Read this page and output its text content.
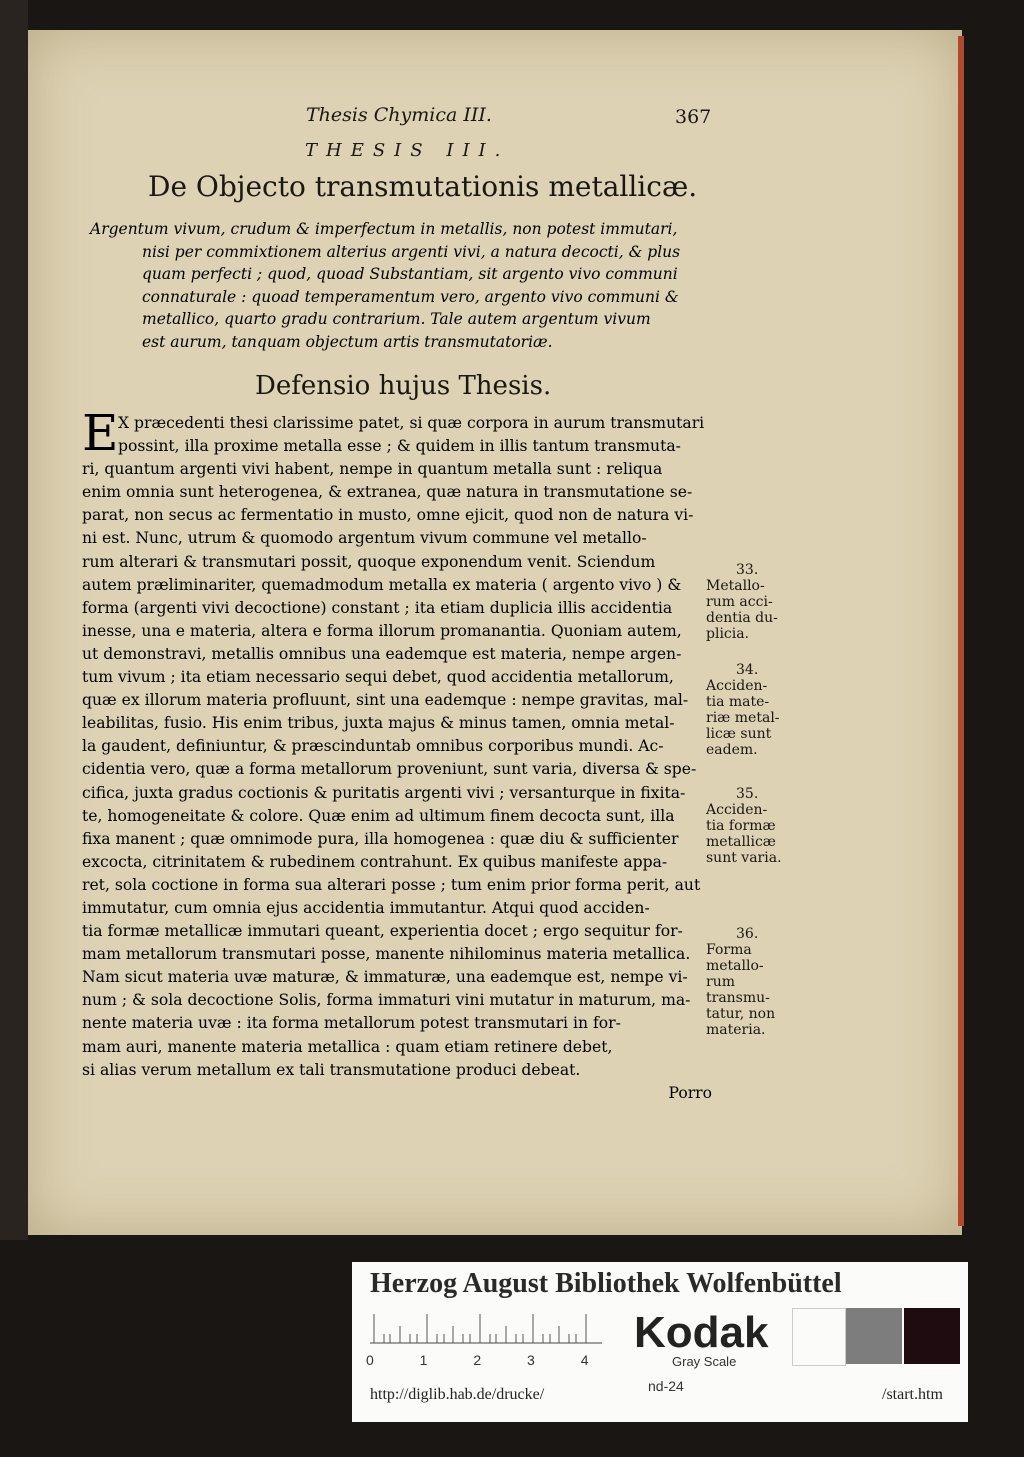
Thesis Chymica III.	367
THESIS III.
De Objecto transmutationis metallicæ.
Argentum vivum, crudum & imperfectum in metallis, non potest immutari,
nisi per commixtionem alterius argenti vivi, a natura decocti, & plus
quam perfecti ; quod, quoad Substantiam, sit argento vivo communi
connaturale : quoad temperamentum vero, argento vivo communi &
metallico, quarto gradu contrarium. Tale autem argentum vivum
est aurum, tanquam objectum artis transmutatoriæ.
Defensio hujus Thesis.
E X præcedenti thesi clarissime patet, si quæ corpora in aurum transmutari
possint, illa proxime metalla esse ; & quidem in illis tantum transmuta-
ri, quantum argenti vivi habent, nempe in quantum metalla sunt : reliqua
enim omnia sunt heterogenea, & extranea, quæ natura in transmutatione se-
parat, non secus ac fermentatio in musto, omne ejicit, quod non de natura vi-
ni est. Nunc, utrum & quomodo argentum vivum commune vel metallo-
rum alterari & transmutari possit, quoque exponendum venit. Sciendum
autem præliminariter, quemadmodum metalla ex materia ( argento vivo ) &
forma (argenti vivi decoctione) constant ; ita etiam duplicia illis accidentia
inesse, una e materia, altera e forma illorum promanantia. Quoniam autem,
ut demonstravi, metallis omnibus una eademque est materia, nempe argen-
tum vivum ; ita etiam necessario sequi debet, quod accidentia metallorum,
quæ ex illorum materia profluunt, sint una eademque : nempe gravitas, mal-
leabilitas, fusio. His enim tribus, juxta majus & minus tamen, omnia metal-
la gaudent, definiuntur, & præscinduntab omnibus corporibus mundi. Ac-
cidentia vero, quæ a forma metallorum proveniunt, sunt varia, diversa & spe-
cifica, juxta gradus coctionis & puritatis argenti vivi ; versanturque in fixita-
te, homogeneitate & colore. Quæ enim ad ultimum finem decocta sunt, illa
fixa manent ; quæ omnimode pura, illa homogenea : quæ diu & sufficienter
excocta, citrinitatem & rubedinem contrahunt. Ex quibus manifeste appa-
ret, sola coctione in forma sua alterari posse ; tum enim prior forma perit, aut
immutatur, cum omnia ejus accidentia immutantur. Atqui quod acciden-
tia formæ metallicæ immutari queant, experientia docet ; ergo sequitur for-
mam metallorum transmutari posse, manente nihilominus materia metallica.
Nam sicut materia uvæ maturæ, & immaturæ, una eademque est, nempe vi-
num ; & sola decoctione Solis, forma immaturi vini mutatur in maturum, ma-
nente materia uvæ : ita forma metallorum potest transmutari in for-
mam auri, manente materia metallica : quam etiam retinere debet,
si alias verum metallum ex tali transmutatione produci debeat.
Porro
33.
Metallo-
rum acci-
dentia du-
plicia.
34.
Acciden-
tia mate-
riæ metal-
licæ sunt
eadem.
35.
Acciden-
tia formæ
metallicæ
sunt varia.
36.
Forma
metallo-
rum
transmu-
tatur, non
materia.
Herzog August Bibliothek Wolfenbüttel
0 1 2 3 4
Kodak
Gray Scale
http://diglib.hab.de/drucke/	nd-24	/start.htm
